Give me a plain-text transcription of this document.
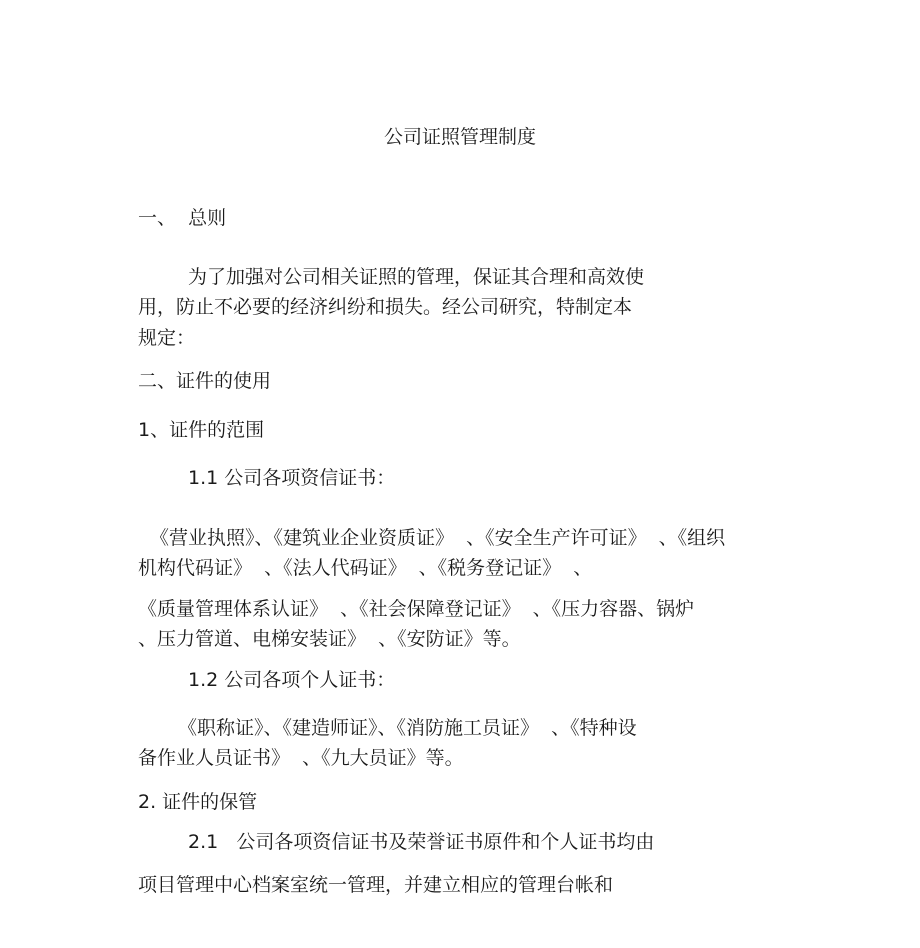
公司证照管理制度
一、  总则
为了加强对公司相关证照的管理，保证其合理和高效使
用，防止不必要的经济纠纷和损失。经公司研究，特制定本
规定：
二、证件的使用
1、证件的范围
1.1 公司各项资信证书：
《营业执照》、《建筑业企业资质证》  、《安全生产许可证》  、《组织
机构代码证》  、《法人代码证》  、《税务登记证》  、
《质量管理体系认证》  、《社会保障登记证》  、《压力容器、锅炉
、压力管道、电梯安装证》  、《安防证》等。
1.2 公司各项个人证书：
《职称证》、《建造师证》、《消防施工员证》  、《特种设
备作业人员证书》  、《九大员证》等。
2. 证件的保管
2.1   公司各项资信证书及荣誉证书原件和个人证书均由
项目管理中心档案室统一管理，并建立相应的管理台帐和
